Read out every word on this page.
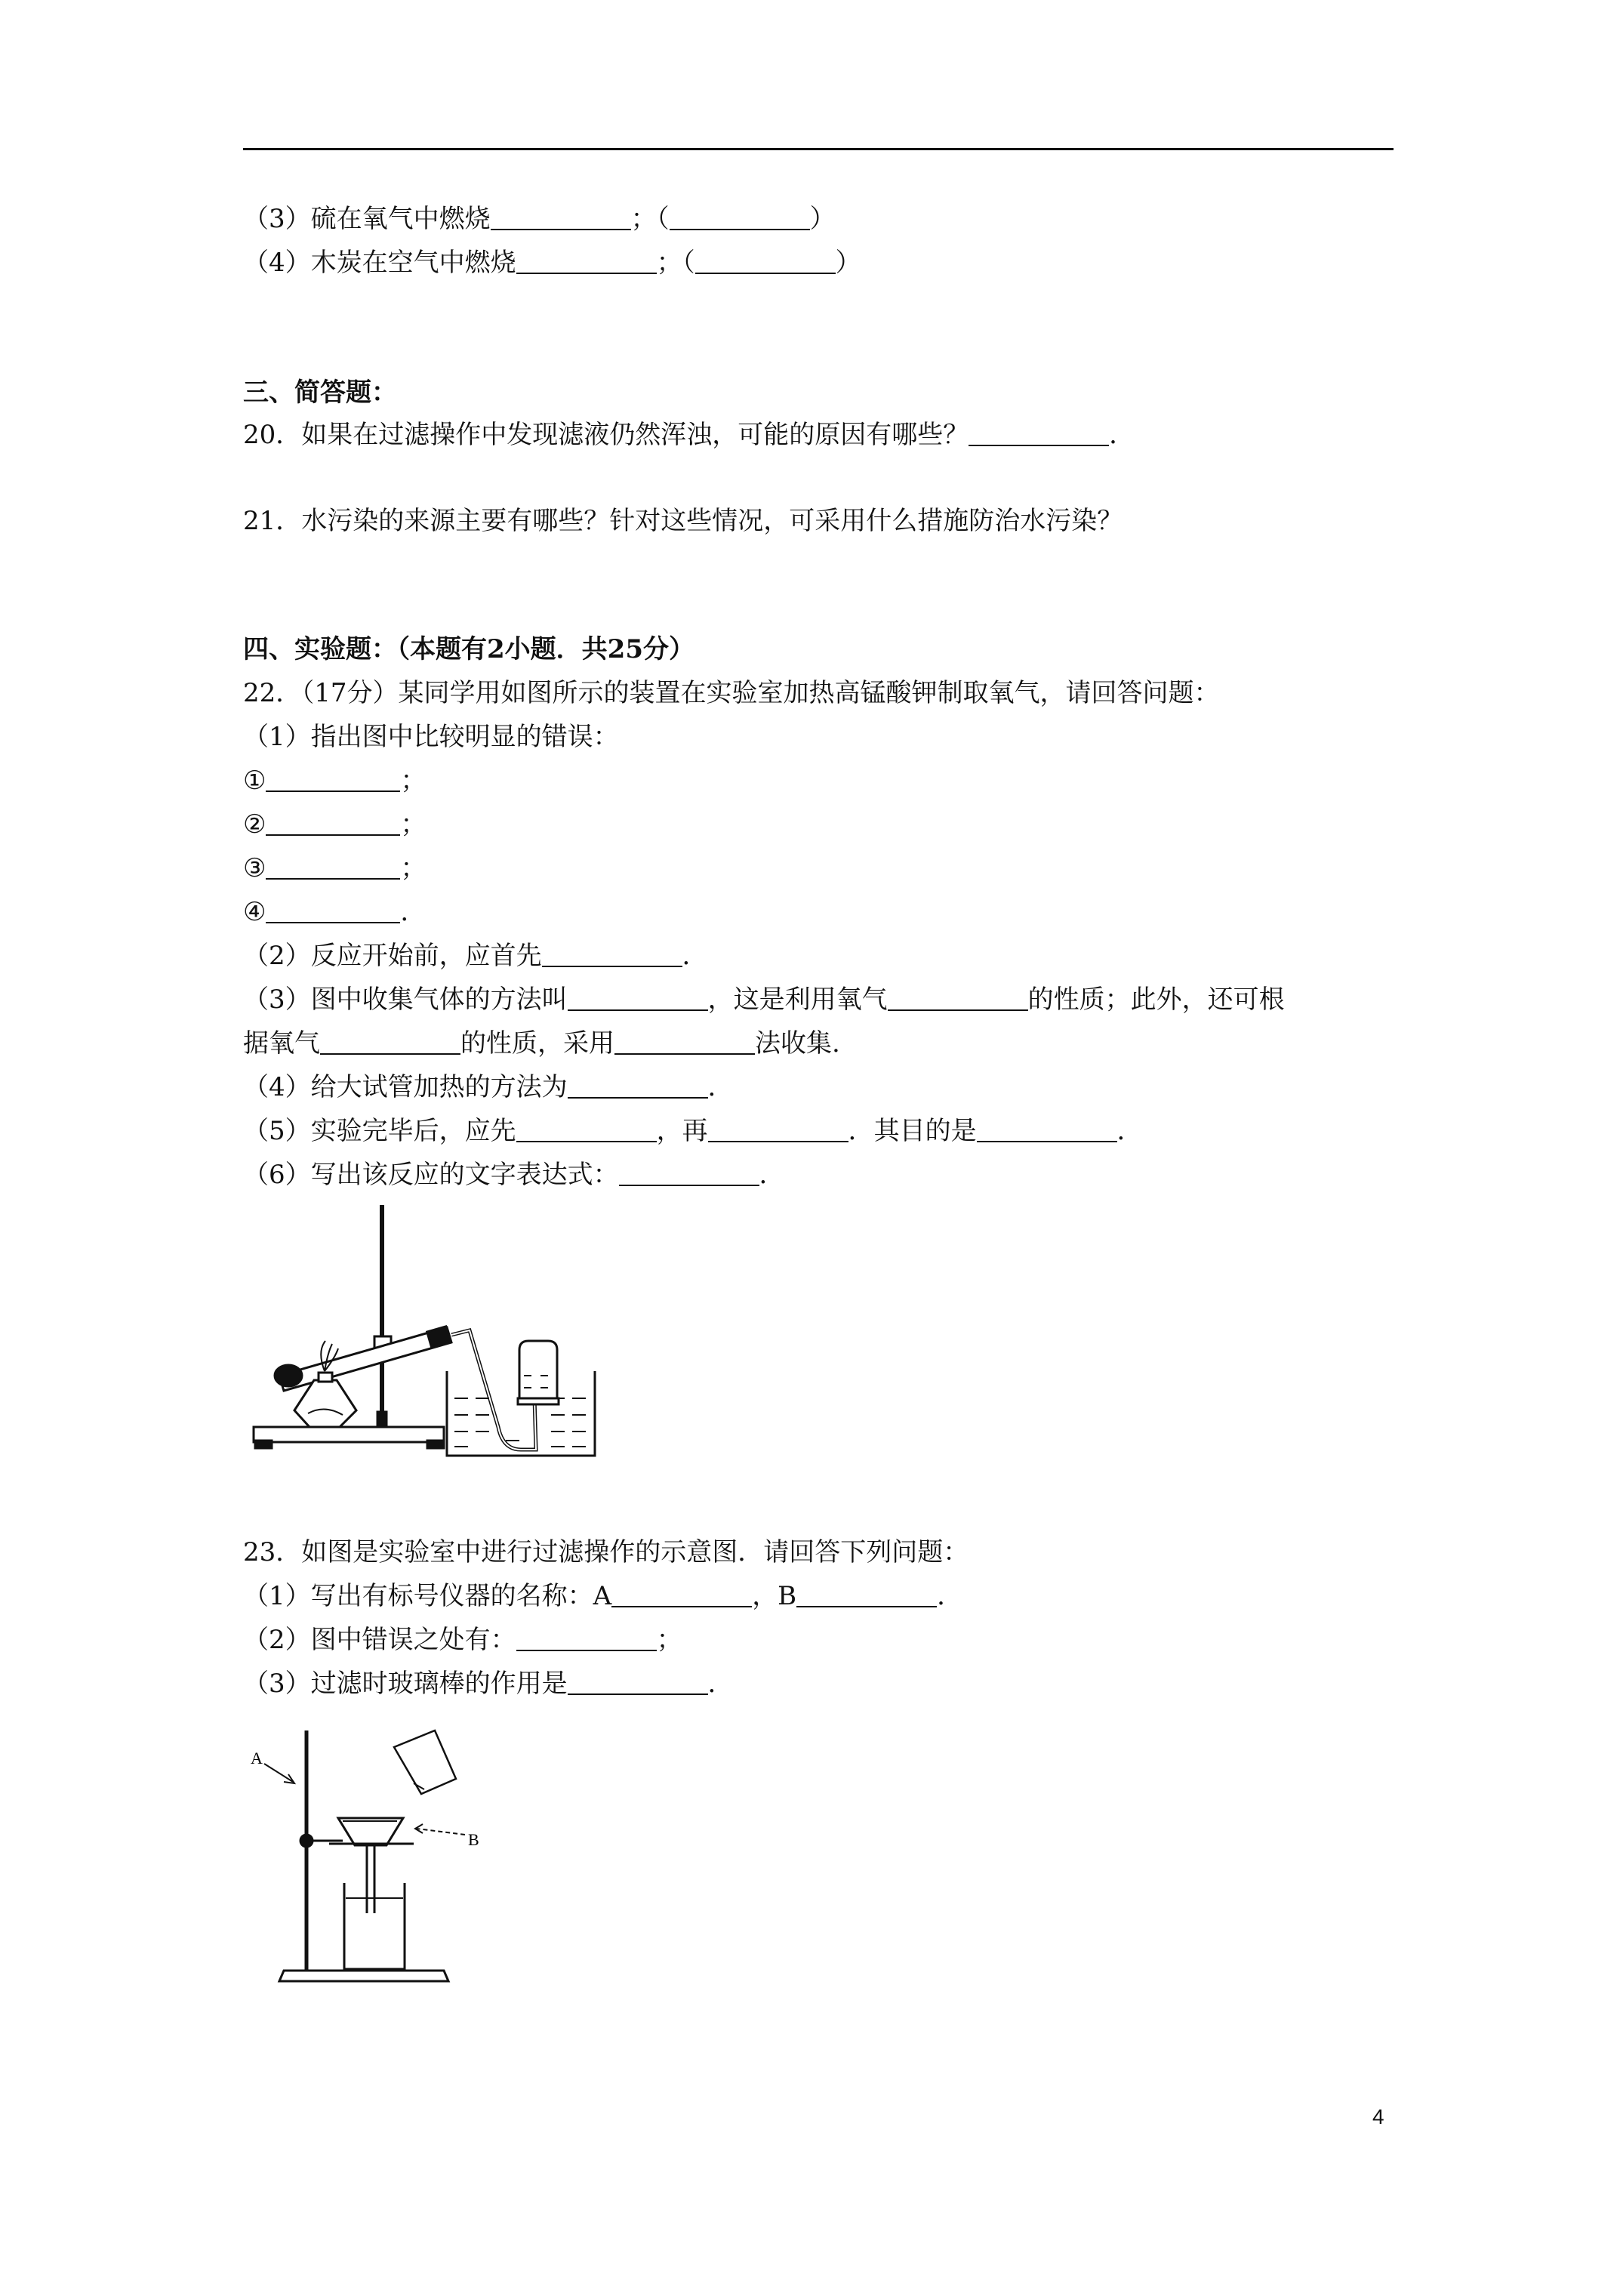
（3）硫在氧气中燃烧	；（	）
（4）木炭在空气中燃烧	；（	）
三、简答题：
20．如果在过滤操作中发现滤液仍然浑浊，可能的原因有哪些？	．
21．水污染的来源主要有哪些？针对这些情况，可采用什么措施防治水污染？
四、实验题：（本题有2小题．共25分）
22．（17分）某同学用如图所示的装置在实验室加热高锰酸钾制取氧气，请回答问题：
（1）指出图中比较明显的错误：
①	；
②	；
③	；
④	．
（2）反应开始前，应首先	．
（3）图中收集气体的方法叫	，这是利用氧气	的性质；此外，还可根
据氧气	的性质，采用	法收集.
（4）给大试管加热的方法为	．
（5）实验完毕后，应先	，再	．其目的是	．
（6）写出该反应的文字表达式：	．
23．如图是实验室中进行过滤操作的示意图．请回答下列问题：
（1）写出有标号仪器的名称：A	，B	．
（2）图中错误之处有：	；
（3）过滤时玻璃棒的作用是	．
A
B
4
